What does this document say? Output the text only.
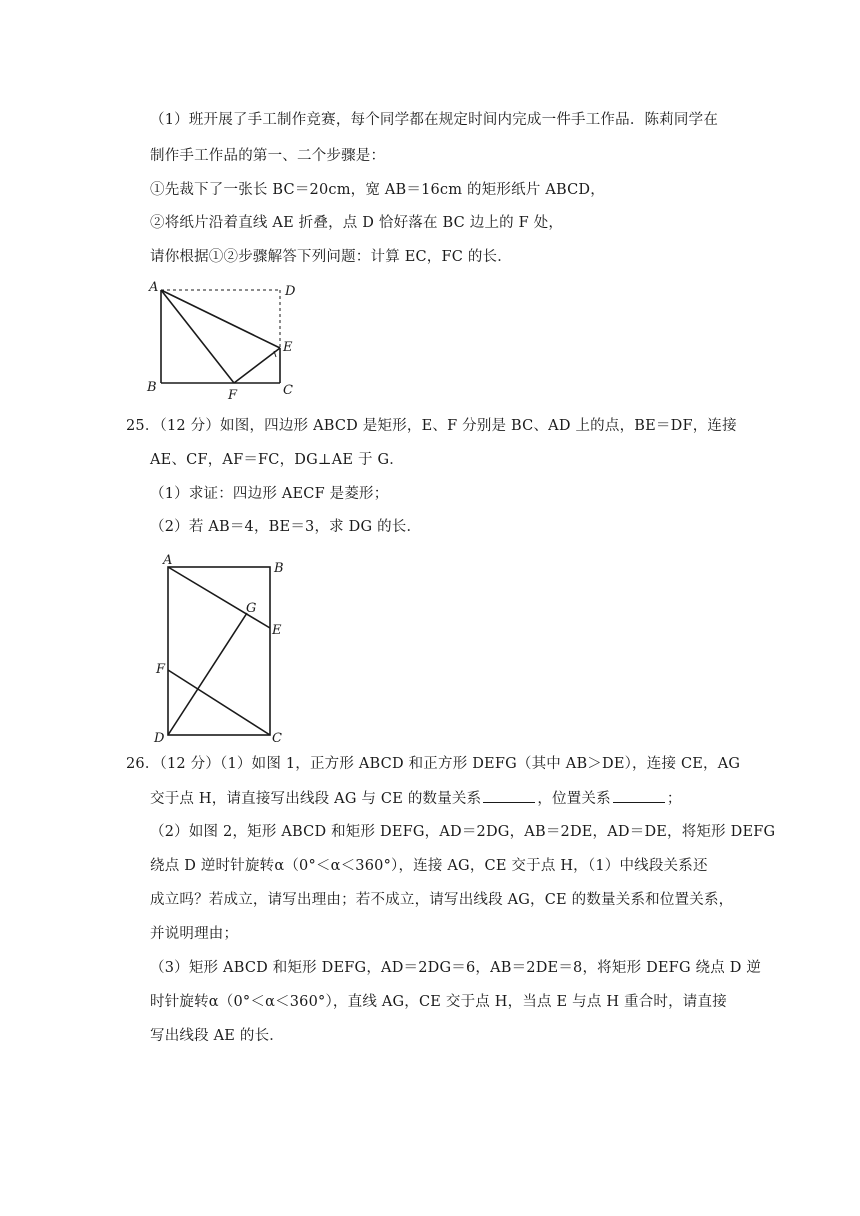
（1）班开展了手工制作竞赛，每个同学都在规定时间内完成一件手工作品．陈莉同学在
制作手工作品的第一、二个步骤是：
①先裁下了一张长 BC＝20cm，宽 AB＝16cm 的矩形纸片 ABCD，
②将纸片沿着直线 AE 折叠，点 D 恰好落在 BC 边上的 F 处，
请你根据①②步骤解答下列问题：计算 EC，FC 的长．
A	D
E
B
F	C
25．（12 分）如图，四边形 ABCD 是矩形，E、F 分别是 BC、AD 上的点，BE＝DF，连接
AE、CF，AF＝FC，DG⊥AE 于 G．
（1）求证：四边形 AECF 是菱形；
（2）若 AB＝4，BE＝3，求 DG 的长．
A
B
G
E
F
D	C
26．（12 分）（1）如图 1，正方形 ABCD 和正方形 DEFG（其中 AB＞DE），连接 CE，AG
交于点 H，请直接写出线段 AG 与 CE 的数量关系	，位置关系	；
（2）如图 2，矩形 ABCD 和矩形 DEFG，AD＝2DG，AB＝2DE，AD＝DE，将矩形 DEFG
绕点 D 逆时针旋转α（0°＜α＜360°），连接 AG，CE 交于点 H，（1）中线段关系还
成立吗？若成立，请写出理由；若不成立，请写出线段 AG，CE 的数量关系和位置关系，
并说明理由；
（3）矩形 ABCD 和矩形 DEFG，AD＝2DG＝6，AB＝2DE＝8，将矩形 DEFG 绕点 D 逆
时针旋转α（0°＜α＜360°），直线 AG，CE 交于点 H，当点 E 与点 H 重合时，请直接
写出线段 AE 的长．
